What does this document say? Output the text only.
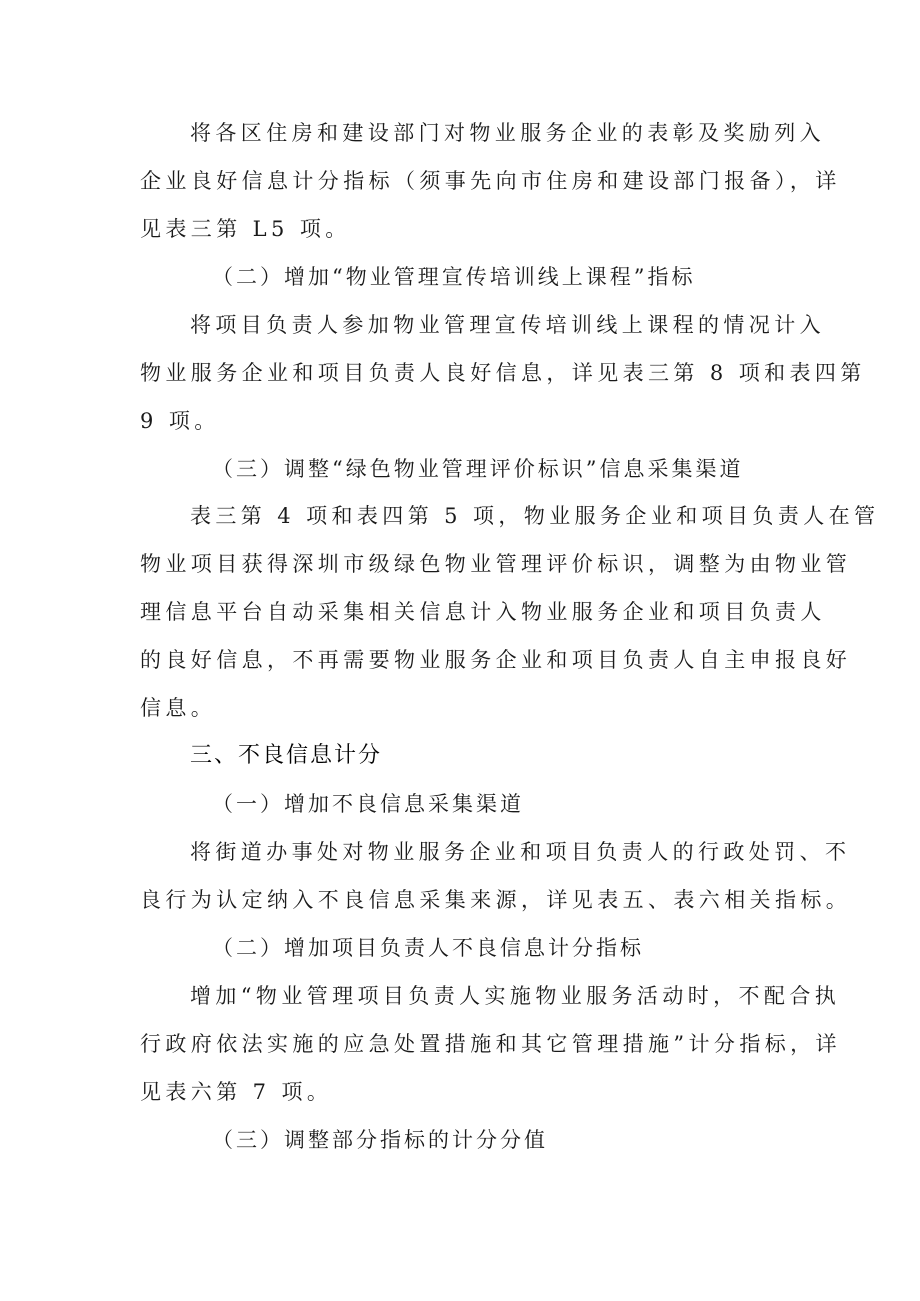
将各区住房和建设部门对物业服务企业的表彰及奖励列入
企业良好信息计分指标（须事先向市住房和建设部门报备），详
见表三第 L5 项。
（二）增加“物业管理宣传培训线上课程”指标
将项目负责人参加物业管理宣传培训线上课程的情况计入
物业服务企业和项目负责人良好信息，详见表三第 8 项和表四第
9 项。
（三）调整“绿色物业管理评价标识”信息采集渠道
表三第 4 项和表四第 5 项，物业服务企业和项目负责人在管
物业项目获得深圳市级绿色物业管理评价标识，调整为由物业管
理信息平台自动采集相关信息计入物业服务企业和项目负责人
的良好信息，不再需要物业服务企业和项目负责人自主申报良好
信息。
三、不良信息计分
（一）增加不良信息采集渠道
将街道办事处对物业服务企业和项目负责人的行政处罚、不
良行为认定纳入不良信息采集来源，详见表五、表六相关指标。
（二）增加项目负责人不良信息计分指标
增加“物业管理项目负责人实施物业服务活动时，不配合执
行政府依法实施的应急处置措施和其它管理措施”计分指标，详
见表六第 7 项。
（三）调整部分指标的计分分值
